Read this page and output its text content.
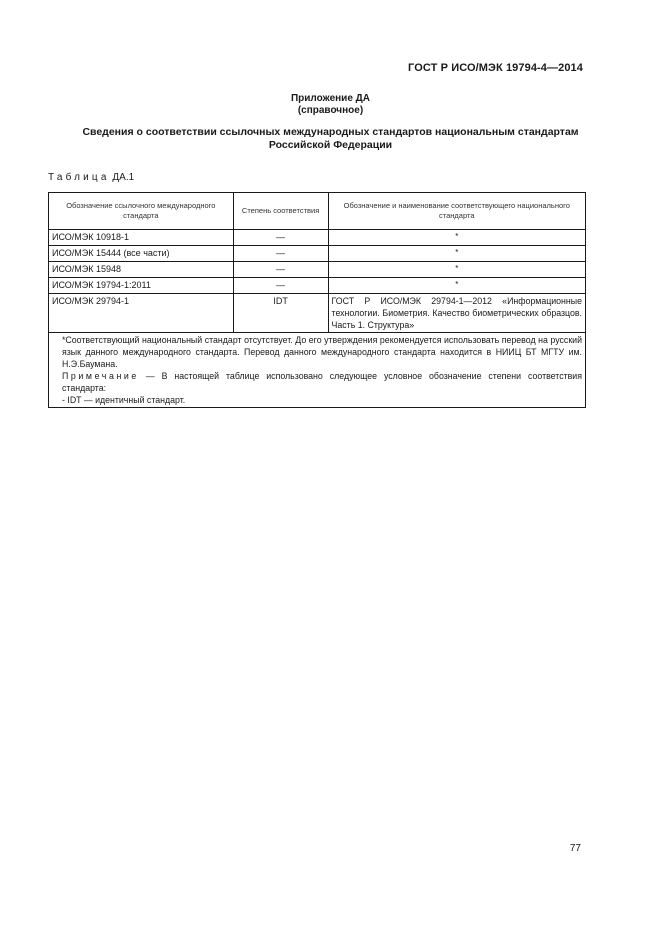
ГОСТ Р ИСО/МЭК 19794-4—2014
Приложение ДА
(справочное)
Сведения о соответствии ссылочных международных стандартов национальным стандартам Российской Федерации
Таблица ДА.1
Обозначение ссылочного международного стандарта	Степень соответствия	Обозначение и наименование соответствующего национального стандарта
ИСО/МЭК 10918-1	—	*
ИСО/МЭК 15444 (все части)	—	*
ИСО/МЭК 15948	—	*
ИСО/МЭК 19794-1:2011	—	*
ИСО/МЭК 29794-1	IDT	ГОСТ Р ИСО/МЭК 29794-1—2012 «Информационные технологии. Биометрия. Качество биометрических образцов. Часть 1. Структура»

*Соответствующий национальный стандарт отсутствует. До его утверждения рекомендуется использовать перевод на русский язык данного международного стандарта. Перевод данного международного стандарта находится в НИИЦ БТ МГТУ им. Н.Э.Баумана.
Примечание — В настоящей таблице использовано следующее условное обозначение степени соответствия стандарта:
- IDT — идентичный стандарт.		
77
